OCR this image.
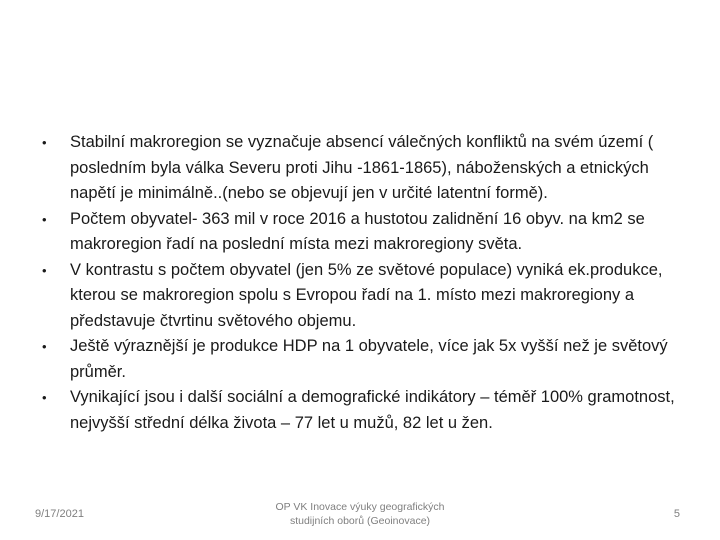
• Stabilní makroregion se vyznačuje absencí válečných konfliktů na svém území ( posledním byla válka Severu proti Jihu -1861-1865), náboženských a etnických napětí je minimálně..(nebo se objevují jen v určité latentní formě).
• Počtem obyvatel- 363 mil v roce 2016 a hustotou zalidnění 16 obyv. na km2 se makroregion řadí na poslední místa mezi makroregiony světa.
• V kontrastu s počtem obyvatel (jen 5% ze světové populace) vyniká ek.produkce, kterou se makroregion spolu s Evropou řadí na 1. místo mezi makroregiony a představuje čtvrtinu světového objemu.
• Ještě výraznější je produkce HDP na 1 obyvatele, více jak 5x vyšší než je světový průměr.
• Vynikající jsou i další sociální a demografické indikátory – téměř 100% gramotnost, nejvyšší střední délka života – 77 let u mužů, 82 let u žen.
9/17/2021
OP VK Inovace výuky geografických
studijních oborů (Geoinovace)
5
